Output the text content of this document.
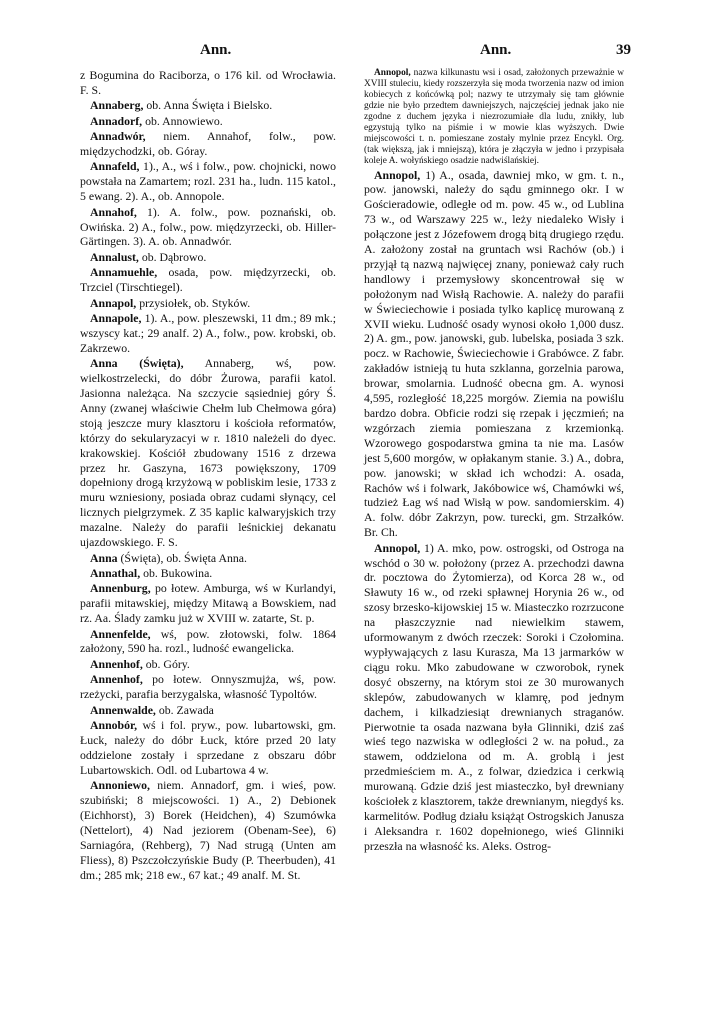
Ann.	Ann.	39

z Bogumina do Raciborza, o 176 kil. od Wrocławia. F. S.

Annaberg, ob. Anna Święta i Bielsko.

Annadorf, ob. Annowiewo.

Annadwór, niem. Annahof, folw., pow. międzychodzki, ob. Góray.

Annafeld, 1)., A., wś i folw., pow. chojnicki, nowo powstała na Zamartem; rozl. 231 ha., ludn. 115 katol., 5 ewang. 2). A., ob. Annopole.

Annahof, 1). A. folw., pow. poznański, ob. Owińska. 2) A., folw., pow. międzyrzecki, ob. Hiller-Gärtingen. 3). A. ob. Annadwór.

Annalust, ob. Dąbrowo.

Annamuehle, osada, pow. międzyrzecki, ob. Trzciel (Tirschtiegel).

Annapol, przysiołek, ob. Styków.

Annapole, 1). A., pow. pleszewski, 11 dm.; 89 mk.; wszyscy kat.; 29 analf. 2) A., folw., pow. krobski, ob. Zakrzewo.

Anna (Święta), Annaberg, wś, pow. wielkostrzelecki, do dóbr Żurowa, parafii katol. Jasionna należąca. Na szczycie sąsiedniej góry Ś. Anny (zwanej właściwie Chełm lub Chełmowa góra) stoją jeszcze mury klasztoru i kościoła reformatów, którzy do sekularyzacyi w r. 1810 należeli do dyec. krakowskiej. Kościół zbudowany 1516 z drzewa przez hr. Gaszyna, 1673 powiększony, 1709 dopełniony drogą krzyżową w pobliskim lesie, 1733 z muru wzniesiony, posiada obraz cudami słynący, cel licznych pielgrzymek. Z 35 kaplic kalwaryjskich trzy mazalne. Należy do parafii leśnickiej dekanatu ujazdowskiego. F. S.

Anna (Święta), ob. Święta Anna.

Annathal, ob. Bukowina.

Annenburg, po łotew. Amburga, wś w Kurlandyi, parafii mitawskiej, między Mitawą a Bowskiem, nad rz. Aa. Ślady zamku już w XVIII w. zatarte, St. p.

Annenfelde, wś, pow. złotowski, folw. 1864 założony, 590 ha. rozl., ludność ewangelicka.

Annenhof, ob. Góry.

Annenhof, po łotew. Onnyszmujża, wś, pow. rzeżycki, parafia berzygalska, własność Typoltów.

Annenwalde, ob. Zawada

Annobór, wś i fol. pryw., pow. lubartowski, gm. Łuck, należy do dóbr Łuck, które przed 20 laty oddzielone zostały i sprzedane z obszaru dóbr Lubartowskich. Odl. od Lubartowa 4 w.

Annoniewo, niem. Annadorf, gm. i wieś, pow. szubiński; 8 miejscowości. 1) A., 2) Debionek (Eichhorst), 3) Borek (Heidchen), 4) Szumówka (Nettelort), 4) Nad jeziorem (Obenam-See), 6) Sarniagóra, (Rehberg), 7) Nad strugą (Unten am Fliess), 8) Pszczołczyńskie Budy (P. Theerbuden), 41 dm.; 285 mk; 218 ew., 67 kat.; 49 analf. M. St.

Annopol, nazwa kilkunastu wsi i osad, założonych przeważnie w XVIII stuleciu, kiedy rozszerzyła się moda tworzenia nazw od imion kobiecych z końcówką pol; nazwy te utrzymały się tam głównie gdzie nie było przedtem dawniejszych, najczęściej jednak jako nie zgodne z duchem języka i niezrozumiałe dla ludu, znikły, lub egzystują tylko na piśmie i w mowie klas wyższych. Dwie miejscowości t. n. pomieszane zostały mylnie przez Encykl. Org. (tak większą, jak i mniejszą), która je złączyła w jedno i przypisała koleje A. wołyńskiego osadzie nadwiślańskiej.

Annopol, 1) A., osada, dawniej mko, w gm. t. n., pow. janowski, należy do sądu gminnego okr. I w Gościeradowie, odległe od m. pow. 45 w., od Lublina 73 w., od Warszawy 225 w., leży niedaleko Wisły i połączone jest z Józefowem drogą bitą drugiego rzędu. A. założony został na gruntach wsi Rachów (ob.) i przyjął tą nazwą najwięcej znany, ponieważ cały ruch handlowy i przemysłowy skoncentrował się w położonym nad Wisłą Rachowie. A. należy do parafii w Świeciechowie i posiada tylko kaplicę murowaną z XVII wieku. Ludność osady wynosi około 1,000 dusz. 2) A. gm., pow. janowski, gub. lubelska, posiada 3 szk. pocz. w Rachowie, Świeciechowie i Grabówce. Z fabr. zakładów istnieją tu huta szklanna, gorzelnia parowa, browar, smolarnia. Ludność obecna gm. A. wynosi 4,595, rozległość 18,225 morgów. Ziemia na powiślu bardzo dobra. Obficie rodzi się rzepak i jęczmień; na wzgórzach ziemia pomieszana z krzemionką. Wzorowego gospodarstwa gmina ta nie ma. Lasów jest 5,600 morgów, w opłakanym stanie. 3.) A., dobra, pow. janowski; w skład ich wchodzi: A. osada, Rachów wś i folwark, Jakóbowice wś, Chamówki wś, tudzież Łag wś nad Wisłą w pow. sandomierskim. 4) A. folw. dóbr Zakrzyn, pow. turecki, gm. Strzałków. Br. Ch.

Annopol, 1) A. mko, pow. ostrogski, od Ostroga na wschód o 30 w. położony (przez A. przechodzi dawna dr. pocztowa do Żytomierza), od Korca 28 w., od Sławuty 16 w., od rzeki spławnej Horynia 26 w., od szosy brzesko-kijowskiej 15 w. Miasteczko rozrzucone na płaszczyznie nad niewielkim stawem, uformowanym z dwóch rzeczek: Soroki i Czołomina. wypływających z lasu Kurasza, Ma 13 jarmarków w ciągu roku. Mko zabudowane w czworobok, rynek dosyć obszerny, na którym stoi ze 30 murowanych sklepów, zabudowanych w klamrę, pod jednym dachem, i kilkadziesiąt drewnianych straganów. Pierwotnie ta osada nazwana była Glinniki, dziś zaś wieś tego nazwiska w odległości 2 w. na połud., za stawem, oddzielona od m. A. groblą i jest przedmieściem m. A., z folwar, dziedzica i cerkwią murowaną. Gdzie dziś jest miasteczko, był drewniany kościołek z klasztorem, także drewnianym, niegdyś ks. karmelitów. Podług działu książąt Ostrogskich Janusza i Aleksandra r. 1602 dopełnionego, wieś Glinniki przeszła na własność ks. Aleks. Ostrog-
